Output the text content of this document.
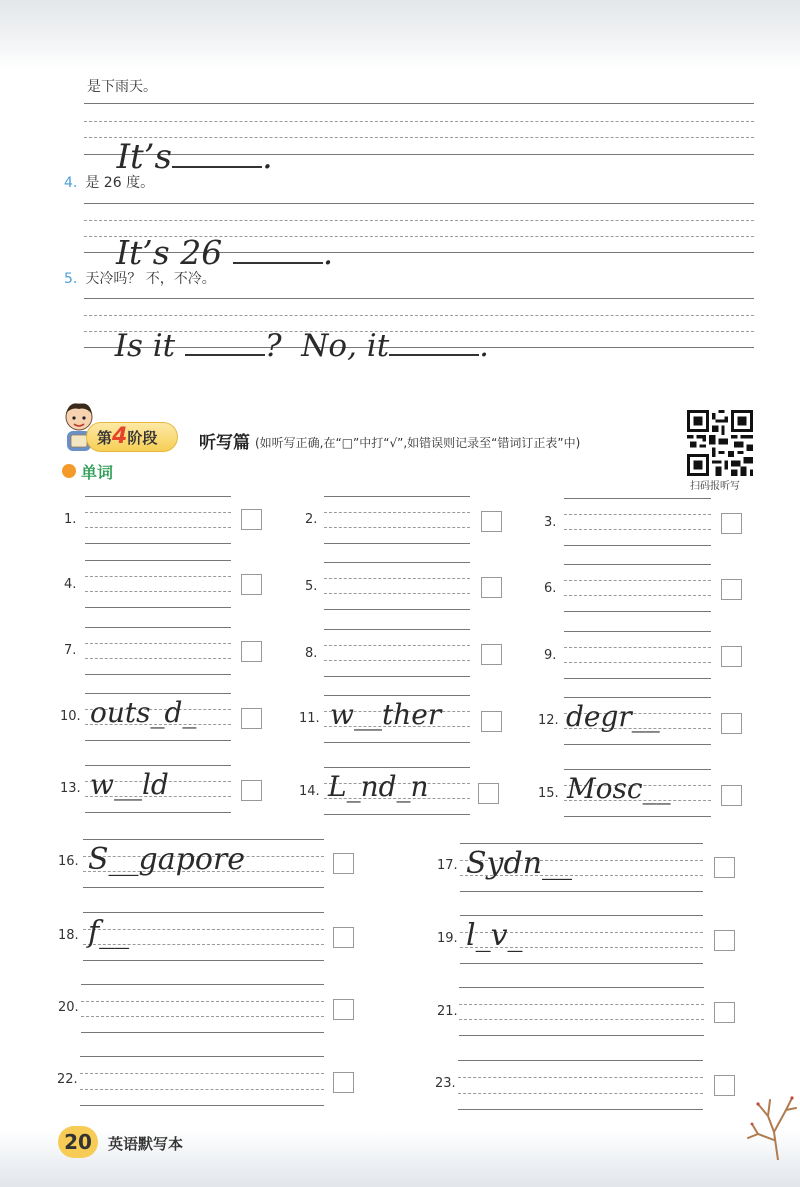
是下雨天。

It’s	.

4. 是 26 度。

It’s 26	.

5. 天冷吗？ 不，不冷。

Is it	?  No, it	.

第4阶段	听写篇 (如听写正确,在“□”中打“√”,如错误则记录至“错词订正表”中)
扫码报听写
单词
1.	2.	3.
4.	5.	6.
7.	8.	9.
10. outs_d_	11. w__ther	12. degr__
13. w__ld	14. L_nd_n	15. Mosc__
16. S__gapore	17. Sydn__
18. f__	19. l_v_
20.	21.
22.	23.
20	英语默写本
